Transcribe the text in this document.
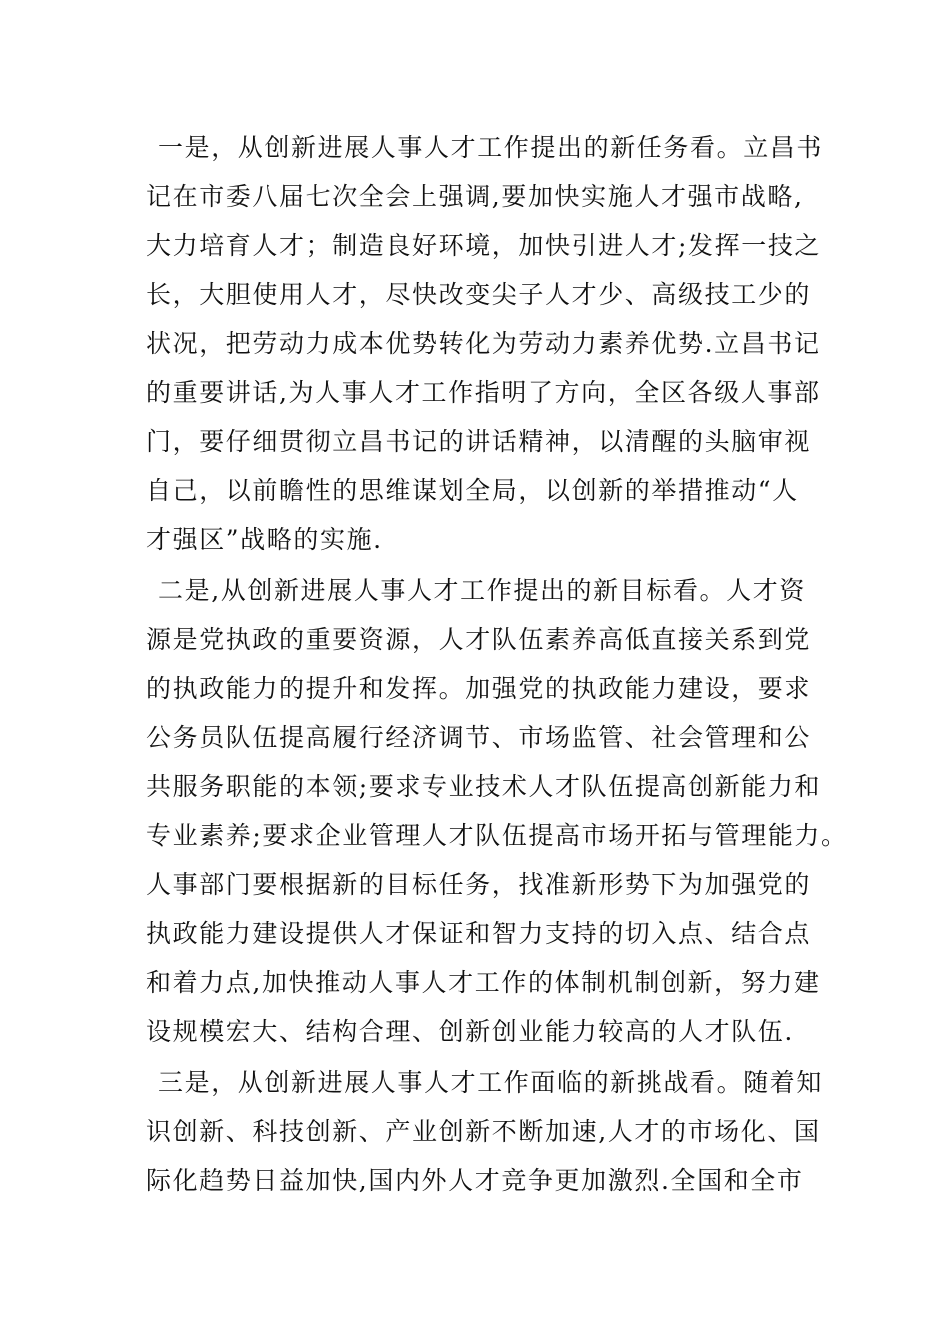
一是，从创新进展人事人才工作提出的新任务看。立昌书

记在市委八届七次全会上强调,要加快实施人才强市战略,

大力培育人才；制造良好环境，加快引进人才;发挥一技之

长，大胆使用人才，尽快改变尖子人才少、高级技工少的

状况，把劳动力成本优势转化为劳动力素养优势.立昌书记

的重要讲话,为人事人才工作指明了方向，全区各级人事部

门，要仔细贯彻立昌书记的讲话精神，以清醒的头脑审视

自己，以前瞻性的思维谋划全局，以创新的举措推动“人

才强区”战略的实施.

二是,从创新进展人事人才工作提出的新目标看。人才资

源是党执政的重要资源，人才队伍素养高低直接关系到党

的执政能力的提升和发挥。加强党的执政能力建设，要求

公务员队伍提高履行经济调节、市场监管、社会管理和公

共服务职能的本领;要求专业技术人才队伍提高创新能力和

专业素养;要求企业管理人才队伍提高市场开拓与管理能力。

人事部门要根据新的目标任务，找准新形势下为加强党的

执政能力建设提供人才保证和智力支持的切入点、结合点

和着力点,加快推动人事人才工作的体制机制创新，努力建

设规模宏大、结构合理、创新创业能力较高的人才队伍.

三是，从创新进展人事人才工作面临的新挑战看。随着知

识创新、科技创新、产业创新不断加速,人才的市场化、国

际化趋势日益加快,国内外人才竞争更加激烈.全国和全市
